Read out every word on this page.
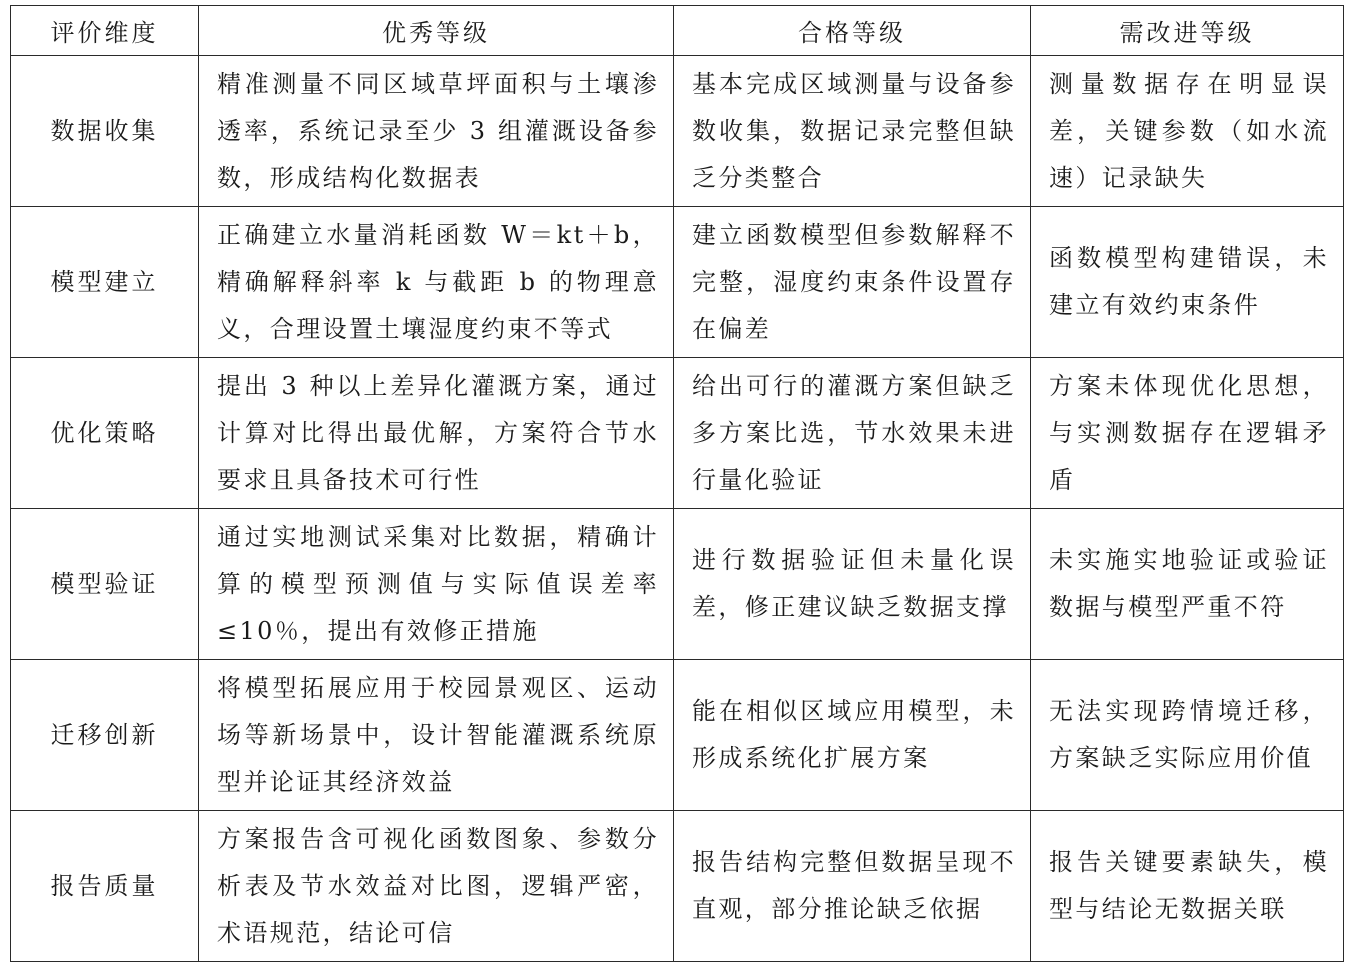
评价维度	优秀等级	合格等级	需改进等级
数据收集	精准测量不同区域草坪面积与土壤渗透率，系统记录至少 3 组灌溉设备参数，形成结构化数据表	基本完成区域测量与设备参数收集，数据记录完整但缺乏分类整合	测量数据存在明显误差，关键参数（如水流速）记录缺失
模型建立	正确建立水量消耗函数 W＝kt＋b，精确解释斜率 k 与截距 b 的物理意义，合理设置土壤湿度约束不等式	建立函数模型但参数解释不完整，湿度约束条件设置存在偏差	函数模型构建错误，未建立有效约束条件
优化策略	提出 3 种以上差异化灌溉方案，通过计算对比得出最优解，方案符合节水要求且具备技术可行性	给出可行的灌溉方案但缺乏多方案比选，节水效果未进行量化验证	方案未体现优化思想，与实测数据存在逻辑矛盾
模型验证	通过实地测试采集对比数据，精确计算的模型预测值与实际值误差率≤10％，提出有效修正措施	进行数据验证但未量化误差，修正建议缺乏数据支撑	未实施实地验证或验证数据与模型严重不符
迁移创新	将模型拓展应用于校园景观区、运动场等新场景中，设计智能灌溉系统原型并论证其经济效益	能在相似区域应用模型，未形成系统化扩展方案	无法实现跨情境迁移，方案缺乏实际应用价值
报告质量	方案报告含可视化函数图象、参数分析表及节水效益对比图，逻辑严密，术语规范，结论可信	报告结构完整但数据呈现不直观，部分推论缺乏依据	报告关键要素缺失，模型与结论无数据关联
